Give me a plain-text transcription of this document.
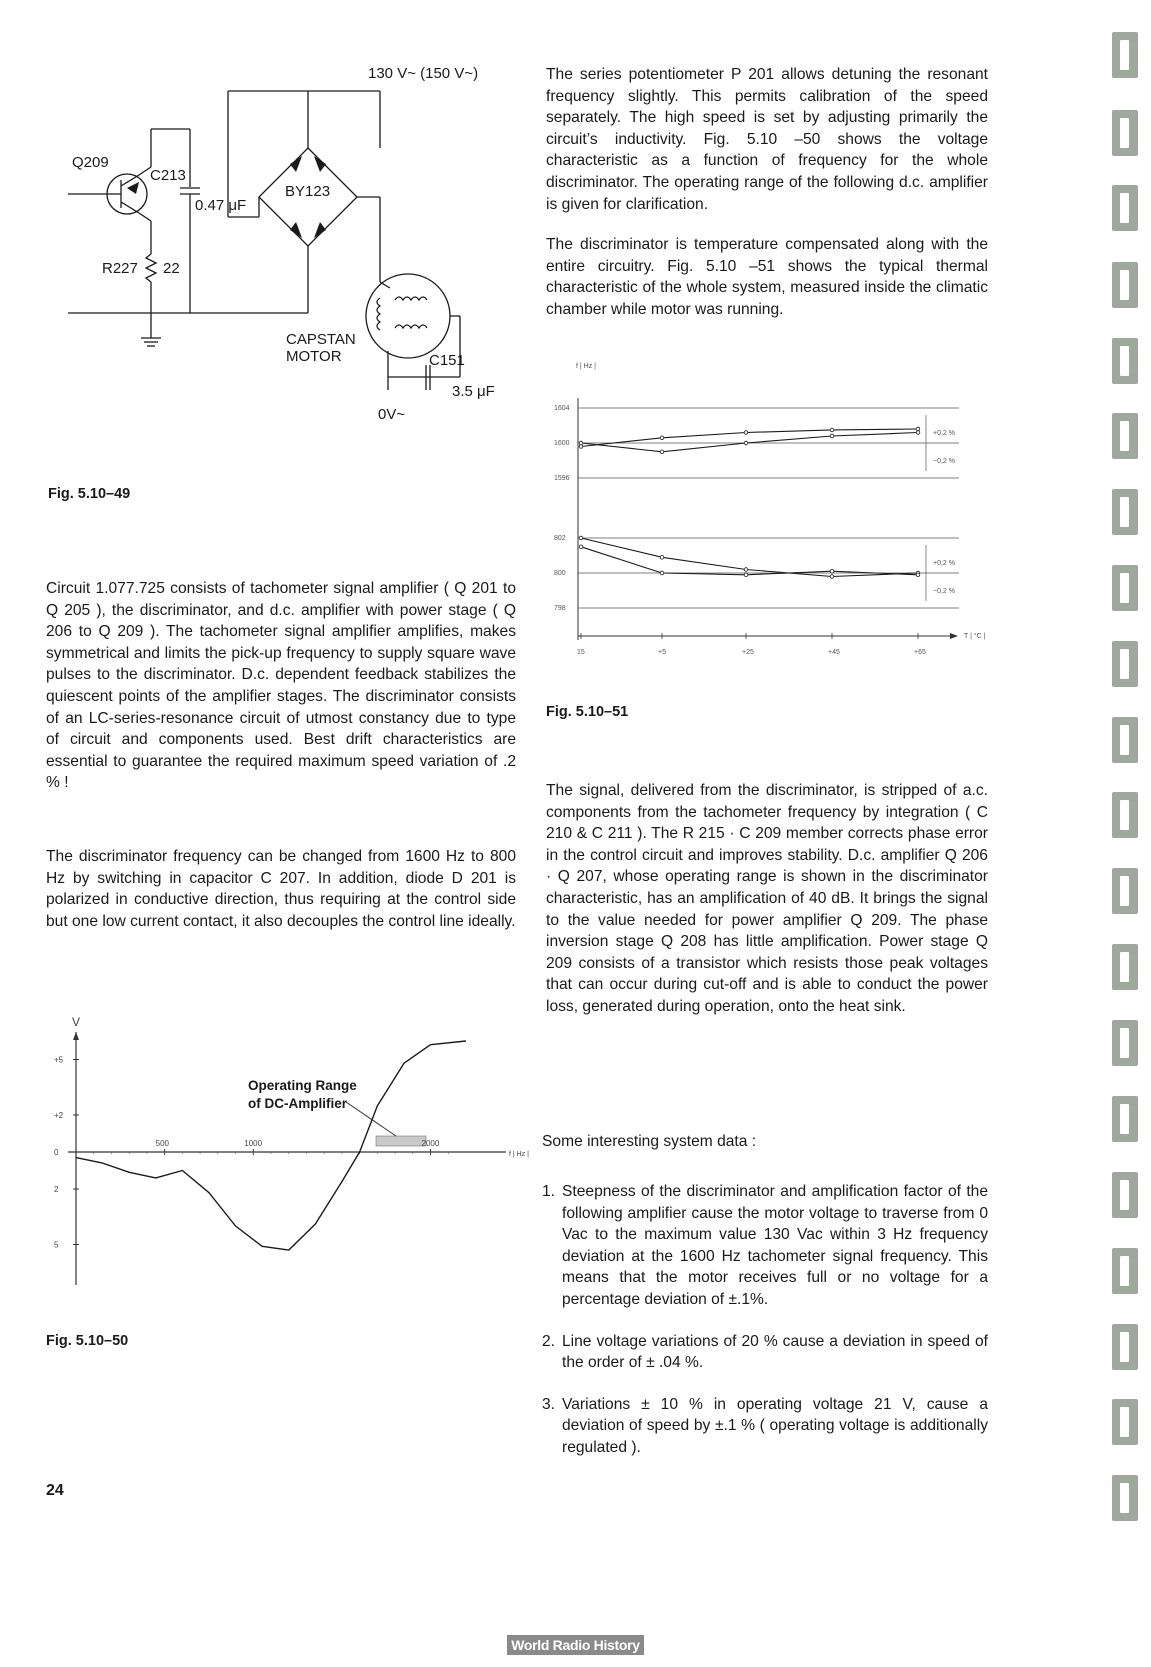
130 V~ (150 V~)
Q209
C213
0.47 μF
BY123
R227 22
CAPSTAN
MOTOR	C151
3.5 μF
0V~
Fig. 5.10–49

Circuit 1.077.725 consists of tachometer signal amplifier ( Q 201 to Q 205 ), the discriminator, and d.c. amplifier with power stage ( Q 206 to Q 209 ). The tachometer signal amplifier amplifies, makes symmetrical and limits the pick-up frequency to supply square wave pulses to the discriminator. D.c. dependent feedback stabilizes the quiescent points of the amplifier stages. The discriminator consists of an LC-series-resonance circuit of utmost constancy due to type of circuit and components used. Best drift characteristics are essential to guarantee the required maximum speed variation of .2 % !

The discriminator frequency can be changed from 1600 Hz to 800 Hz by switching in capacitor C 207. In addition, diode D 201 is polarized in conductive direction, thus requiring at the control side but one low current contact, it also decouples the control line ideally.

V
f | Hz |
Operating Range
of DC-Amplifier
500	1000	2000
+5
+2
0
2
5
Fig. 5.10–50

The series potentiometer P 201 allows detuning the resonant frequency slightly. This permits calibration of the speed separately. The high speed is set by adjusting primarily the circuit’s inductivity. Fig. 5.10 –50 shows the voltage characteristic as a function of frequency for the whole discriminator. The operating range of the following d.c. amplifier is given for clarification.

The discriminator is temperature compensated along with the entire circuitry. Fig. 5.10 –51 shows the typical thermal characteristic of the whole system, measured inside the climatic chamber while motor was running.

f | Hz |
T | °C |
+0,2 %
−0,2 %
+0,2 %
−0,2 %
15	+5	+25	+45	+65
1604
1600
1596
802
800
798
Fig. 5.10–51

The signal, delivered from the discriminator, is stripped of a.c. components from the tachometer frequency by integration ( C 210 & C 211 ). The R 215 · C 209 member corrects phase error in the control circuit and improves stability. D.c. amplifier Q 206 · Q 207, whose operating range is shown in the discriminator characteristic, has an amplification of 40 dB. It brings the signal to the value needed for power amplifier Q 209. The phase inversion stage Q 208 has little amplification. Power stage Q 209 consists of a transistor which resists those peak voltages that can occur during cut-off and is able to conduct the power loss, generated during operation, onto the heat sink.

Some interesting system data :
1. Steepness of the discriminator and amplification factor of the following amplifier cause the motor voltage to traverse from 0 Vac to the maximum value 130 Vac within 3 Hz frequency deviation at the 1600 Hz tachometer signal frequency. This means that the motor receives full or no voltage for a percentage deviation of ±.1%.
2. Line voltage variations of 20 % cause a deviation in speed of the order of ± .04 %.
3. Variations ± 10 % in operating voltage 21 V, cause a deviation of speed by ±.1 % ( operating voltage is additionally regulated ).
24
World Radio History
